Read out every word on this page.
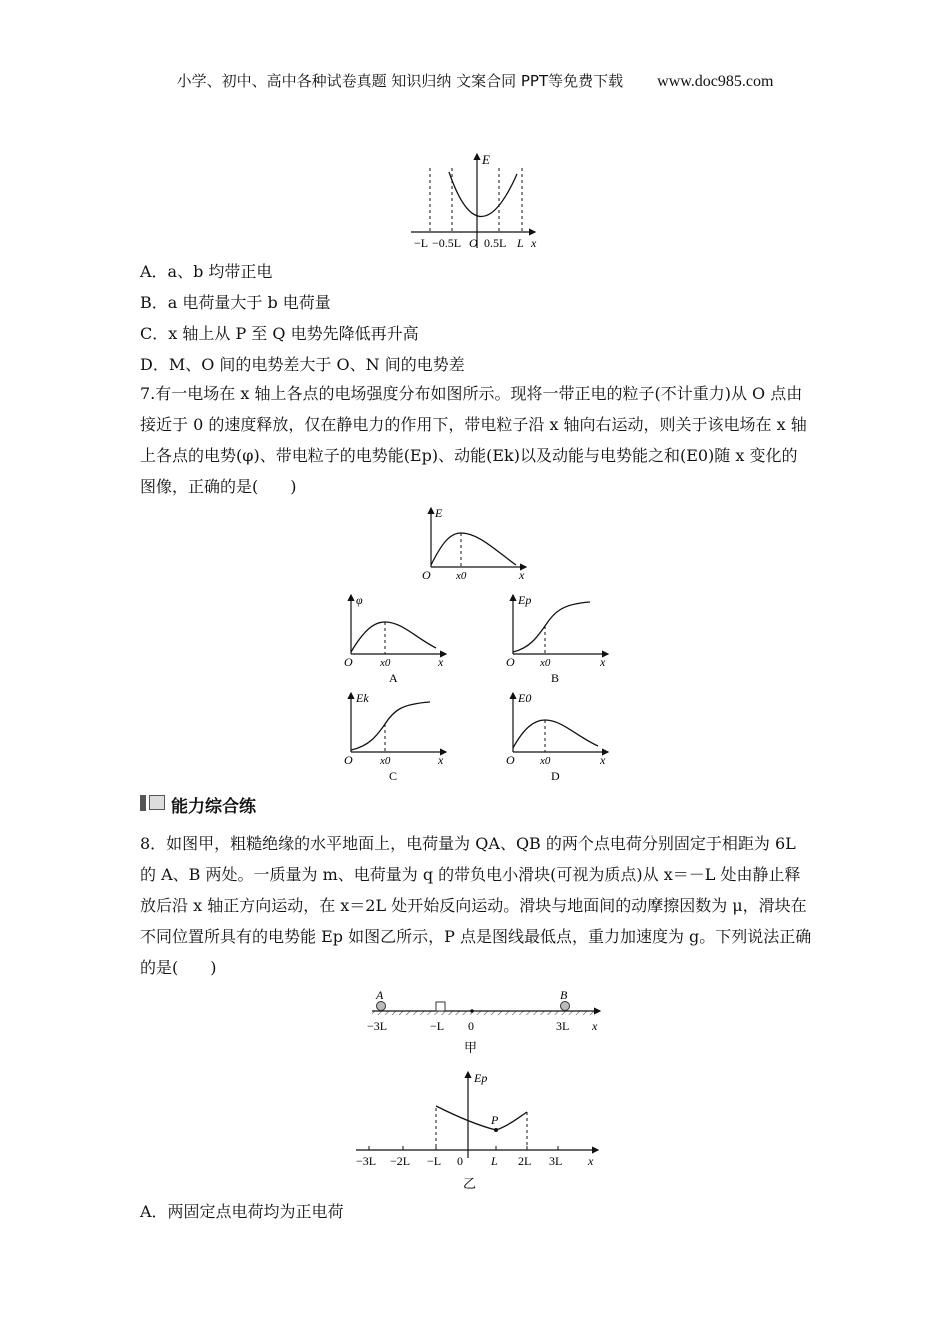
小学、初中、高中各种试卷真题 知识归纳 文案合同 PPT等免费下载 www.doc985.com
E
−L −0.5L O 0.5L L x
A．a、b 均带正电
B．a 电荷量大于 b 电荷量
C．x 轴上从 P 至 Q 电势先降低再升高
D．M、O 间的电势差大于 O、N 间的电势差
7.有一电场在 x 轴上各点的电场强度分布如图所示。现将一带正电的粒子(不计重力)从 O 点由接近于 0 的速度释放，仅在静电力的作用下，带电粒子沿 x 轴向右运动，则关于该电场在 x 轴上各点的电势(φ)、带电粒子的电势能(Ep)、动能(Ek)以及动能与电势能之和(E0)随 x 变化的图像，正确的是(　　)
E
O x0	x
φ
O x0	x
A
Ep
O x0	x
B
Ek
O x0	x
C
E0
O x0	x
D
能力综合练
8．如图甲，粗糙绝缘的水平地面上，电荷量为 QA、QB 的两个点电荷分别固定于相距为 6L 的 A、B 两处。一质量为 m、电荷量为 q 的带负电小滑块(可视为质点)从 x＝－L 处由静止释放后沿 x 轴正方向运动，在 x＝2L 处开始反向运动。滑块与地面间的动摩擦因数为 μ，滑块在不同位置所具有的电势能 Ep 如图乙所示，P 点是图线最低点，重力加速度为 g。下列说法正确的是(　　)
A	B
−3L	−L 0	3L x
甲
Ep
P
−3L −2L −L 0 L 2L 3L x
乙
A．两固定点电荷均为正电荷
